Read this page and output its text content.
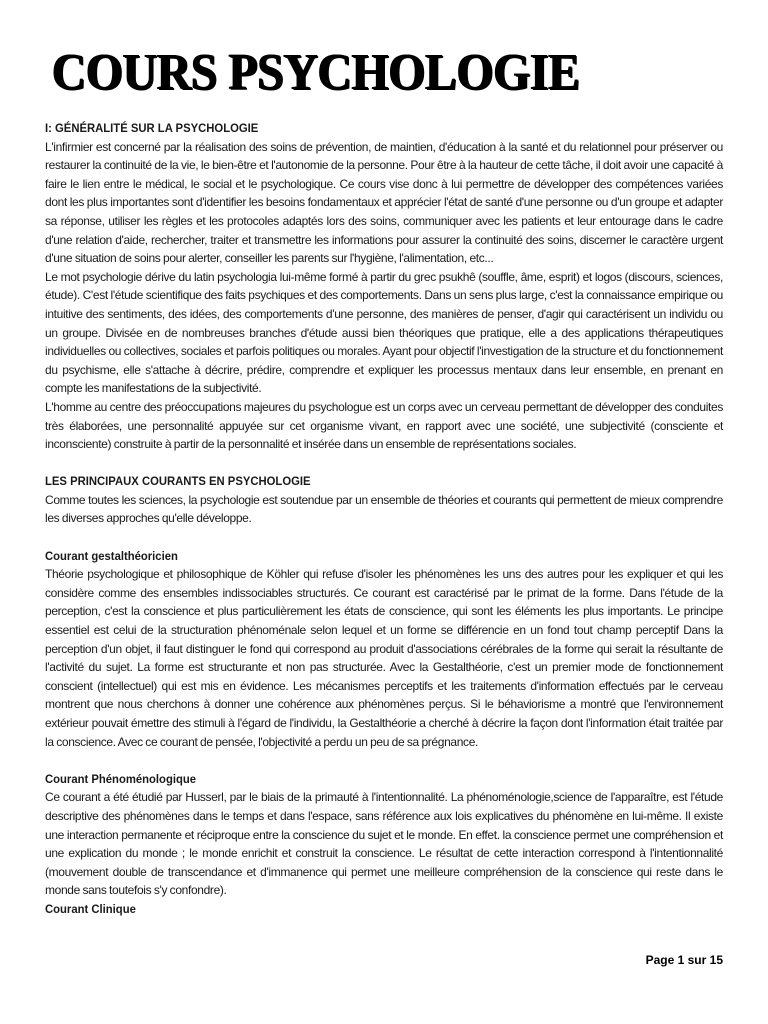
COURS PSYCHOLOGIE

I: GÉNÉRALITÉ SUR LA PSYCHOLOGIE

L'infirmier est concerné par la réalisation des soins de prévention, de maintien, d'éducation à la santé et du relationnel pour préserver ou restaurer la continuité de la vie, le bien-être et l'autonomie de la personne. Pour être à la hauteur de cette tâche, il doit avoir une capacité à faire le lien entre le médical, le social et le psychologique. Ce cours vise donc à lui permettre de développer des compétences variées dont les plus importantes sont d'identifier les besoins fondamentaux et apprécier l'état de santé d'une personne ou d'un groupe et adapter sa réponse, utiliser les règles et les protocoles adaptés lors des soins, communiquer avec les patients et leur entourage dans le cadre d'une relation d'aide, rechercher, traiter et transmettre les informations pour assurer la continuité des soins, discerner le caractère urgent d'une situation de soins pour alerter, conseiller les parents sur l'hygiène, l'alimentation, etc...

Le mot psychologie dérive du latin psychologia lui-même formé à partir du grec psukhê (souffle, âme, esprit) et logos (discours, sciences, étude). C'est l'étude scientifique des faits psychiques et des comportements. Dans un sens plus large, c'est la connaissance empirique ou intuitive des sentiments, des idées, des comportements d'une personne, des manières de penser, d'agir qui caractérisent un individu ou un groupe. Divisée en de nombreuses branches d'étude aussi bien théoriques que pratique, elle a des applications thérapeutiques individuelles ou collectives, sociales et parfois politiques ou morales. Ayant pour objectif l'investigation de la structure et du fonctionnement du psychisme, elle s'attache à décrire, prédire, comprendre et expliquer les processus mentaux dans leur ensemble, en prenant en compte les manifestations de la subjectivité.

L'homme au centre des préoccupations majeures du psychologue est un corps avec un cerveau permettant de développer des conduites très élaborées, une personnalité appuyée sur cet organisme vivant, en rapport avec une société, une subjectivité (consciente et inconsciente) construite à partir de la personnalité et insérée dans un ensemble de représentations sociales.

LES PRINCIPAUX COURANTS EN PSYCHOLOGIE

Comme toutes les sciences, la psychologie est soutendue par un ensemble de théories et courants qui permettent de mieux comprendre les diverses approches qu'elle développe.

Courant gestalthéoricien

Théorie psychologique et philosophique de Köhler qui refuse d'isoler les phénomènes les uns des autres pour les expliquer et qui les considère comme des ensembles indissociables structurés. Ce courant est caractérisé par le primat de la forme. Dans l'étude de la perception, c'est la conscience et plus particulièrement les états de conscience, qui sont les éléments les plus importants. Le principe essentiel est celui de la structuration phénoménale selon lequel et un forme se différencie en un fond tout champ perceptif Dans la perception d'un objet, il faut distinguer le fond qui correspond au produit d'associations cérébrales de la forme qui serait la résultante de l'activité du sujet. La forme est structurante et non pas structurée. Avec la Gestalthéorie, c'est un premier mode de fonctionnement conscient (intellectuel) qui est mis en évidence. Les mécanismes perceptifs et les traitements d'information effectués par le cerveau montrent que nous cherchons à donner une cohérence aux phénomènes perçus. Si le béhaviorisme a montré que l'environnement extérieur pouvait émettre des stimuli à l'égard de l'individu, la Gestalthéorie a cherché à décrire la façon dont l'information était traitée par la conscience. Avec ce courant de pensée, l'objectivité a perdu un peu de sa prégnance.

Courant Phénoménologique

Ce courant a été étudié par Husserl, par le biais de la primauté à l'intentionnalité. La phénoménologie,science de l'apparaître, est l'étude descriptive des phénomènes dans le temps et dans l'espace, sans référence aux lois explicatives du phénomène en lui-même. Il existe une interaction permanente et réciproque entre la conscience du sujet et le monde. En effet. la conscience permet une compréhension et une explication du monde ; le monde enrichit et construit la conscience. Le résultat de cette interaction correspond à l'intentionnalité (mouvement double de transcendance et d'immanence qui permet une meilleure compréhension de la conscience qui reste dans le monde sans toutefois s'y confondre).

Courant Clinique

Page 1 sur 15
